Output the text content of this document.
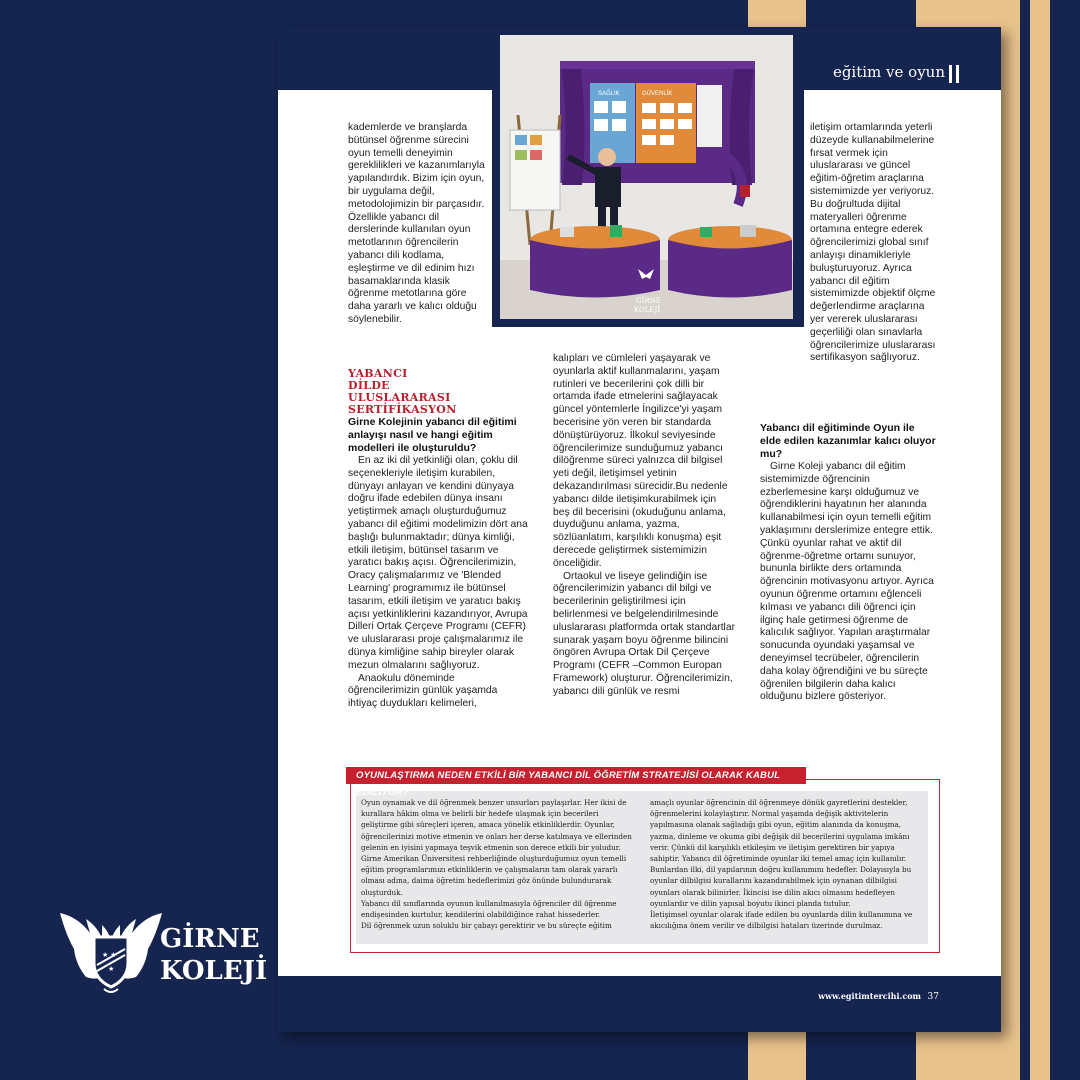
eğitim ve oyun
SAĞLIK	GÜVENLİK
GİRNE
KOLEJİ

kademlerde ve branşlarda bütünsel öğrenme sürecini oyun temelli deneyimin gereklilikleri ve kazanımlarıyla yapılandırdık. Bizim için oyun, bir uygulama değil, metodolojimizin bir parçasıdır. Özellikle yabancı dil derslerinde kullanılan oyun metotlarının öğrencilerin yabancı dili kodlama, eşleştirme ve dil edinim hızı basamaklarında klasik öğrenme metotlarına göre daha yararlı ve kalıcı olduğu söylenebilir.

YABANCI DİLDE ULUSLARARASI SERTİFİKASYON

Girne Kolejinin yabancı dil eğitimi anlayışı nasıl ve hangi eğitim modelleri ile oluşturuldu?

En az iki dil yetkinliği olan, çoklu dil seçenekleriyle iletişim kurabilen, dünyayı anlayan ve kendini dünyaya doğru ifade edebilen dünya insanı yetiştirmek amaçlı oluşturduğumuz yabancı dil eğitimi modelimizin dört ana başlığı bulunmaktadır; dünya kimliği, etkili iletişim, bütünsel tasarım ve yaratıcı bakış açısı. Öğrencilerimizin, Oracy çalışmalarımız ve 'Blended Learning' programımız ile bütünsel tasarım, etkili iletişim ve yaratıcı bakış açısı yetkinliklerini kazandırıyor, Avrupa Dilleri Ortak Çerçeve Programı (CEFR) ve uluslararası proje çalışmalarımız ile dünya kimliğine sahip bireyler olarak mezun olmalarını sağlıyoruz.

Anaokulu döneminde öğrencilerimizin günlük yaşamda ihtiyaç duydukları kelimeleri,

kalıpları ve cümleleri yaşayarak ve oyunlarla aktif kullanmalarını, yaşam rutinleri ve becerilerini çok dilli bir ortamda ifade etmelerini sağlayacak güncel yöntemlerle İngilizce'yi yaşam becerisine yön veren bir standarda dönüştürüyoruz. İlkokul seviyesinde öğrencilerimize sunduğumuz yabancı dilöğrenme süreci yalnızca dil bilgisel yeti değil, iletişimsel yetinin dekazandırılması sürecidir.Bu nedenle yabancı dilde iletişimkurabilmek için beş dil becerisini (okuduğunu anlama, duyduğunu anlama, yazma, sözlüanlatım, karşılıklı konuşma) eşit derecede geliştirmek sistemimizin önceliğidir.

Ortaokul ve liseye gelindiğin ise öğrencilerimizin yabancı dil bilgi ve becerilerinin geliştirilmesi için belirlenmesi ve belgelendirilmesinde uluslararası platformda ortak standartlar sunarak yaşam boyu öğrenme bilincini öngören Avrupa Ortak Dil Çerçeve Programı (CEFR –Common Europan Framework) oluşturur. Öğrencilerimizin, yabancı dili günlük ve resmi

iletişim ortamlarında yeterli düzeyde kullanabilmelerine fırsat vermek için uluslararası ve güncel eğitim-öğretim araçlarına sistemimizde yer veriyoruz. Bu doğrultuda dijital materyalleri öğrenme ortamına entegre ederek öğrencilerimizi global sınıf anlayışı dinamikleriyle buluşturuyoruz. Ayrıca yabancı dil eğitim sistemimizde objektif ölçme değerlendirme araçlarına yer vererek uluslararası geçerliliği olan sınavlarla öğrencilerimize uluslararası sertifikasyon sağlıyoruz.

Yabancı dil eğitiminde Oyun ile elde edilen kazanımlar kalıcı oluyor mu?

Girne Koleji yabancı dil eğitim sistemimizde öğrencinin ezberlemesine karşı olduğumuz ve öğrendiklerini hayatının her alanında kullanabilmesi için oyun temelli eğitim yaklaşımını derslerimize entegre ettik. Çünkü oyunlar rahat ve aktif dil öğrenme-öğretme ortamı sunuyor, bununla birlikte ders ortamında öğrencinin motivasyonu artıyor. Ayrıca oyunun öğrenme ortamını eğlenceli kılması ve yabancı dili öğrenci için ilginç hale getirmesi öğrenme de kalıcılık sağlıyor. Yapılan araştırmalar sonucunda oyundaki yaşamsal ve deneyimsel tecrübeler, öğrencilerin daha kolay öğrendiğini ve bu süreçte öğrenilen bilgilerin daha kalıcı olduğunu bizlere gösteriyor.

OYUNLAŞTIRMA NEDEN ETKİLİ BİR YABANCI DİL ÖĞRETİM STRATEJİSİ OLARAK KABUL EDİLİYOR?

Oyun oynamak ve dil öğrenmek benzer unsurları paylaşırlar. Her ikisi de kurallara hâkim olma ve belirli bir hedefe ulaşmak için becerileri geliştirme gibi süreçleri içeren, amaca yönelik etkinliklerdir. Oyunlar, öğrencilerinizi motive etmenin ve onları her derse katılmaya ve ellerinden gelenin en iyisini yapmaya teşvik etmenin son derece etkili bir yoludur. Girne Amerikan Üniversitesi rehberliğinde oluşturduğumuz oyun temelli eğitim programlarımızı etkinliklerin ve çalışmaların tam olarak yararlı olması adına, daima öğretim hedeflerimizi göz önünde bulundurarak oluşturduk.

Yabancı dil sınıflarında oyunun kullanılmasıyla öğrenciler dil öğrenme endişesinden kurtulur, kendilerini olabildiğince rahat hissederler.

Dil öğrenmek uzun soluklu bir çabayı gerektirir ve bu süreçte eğitim

amaçlı oyunlar öğrencinin dil öğrenmeye dönük gayretlerini destekler, öğrenmelerini kolaylaştırır. Normal yaşamda değişik aktivitelerin yapılmasına olanak sağladığı gibi oyun, eğitim alanında da konuşma, yazma, dinleme ve okuma gibi değişik dil becerilerini uygulama imkânı verir. Çünkü dil karşılıklı etkileşim ve iletişim gerektiren bir yapıya sahiptir. Yabancı dil öğretiminde oyunlar iki temel amaç için kullanılır. Bunlardan ilki, dil yapılarının doğru kullanımını hedefler. Dolayısıyla bu oyunlar dilbilgisi kurallarını kazandırabilmek için oynanan dilbilgisi oyunları olarak bilinirler. İkincisi ise dilin akıcı olmasını hedefleyen oyunlardır ve dilin yapısal boyutu ikinci planda tutulur.

İletişimsel oyunlar olarak ifade edilen bu oyunlarda dilin kullanımına ve akıcılığına önem verilir ve dilbilgisi hataları üzerinde durulmaz.

www.egitimtercihi.com 37
★ ★
★
GİRNE
KOLEJİ
